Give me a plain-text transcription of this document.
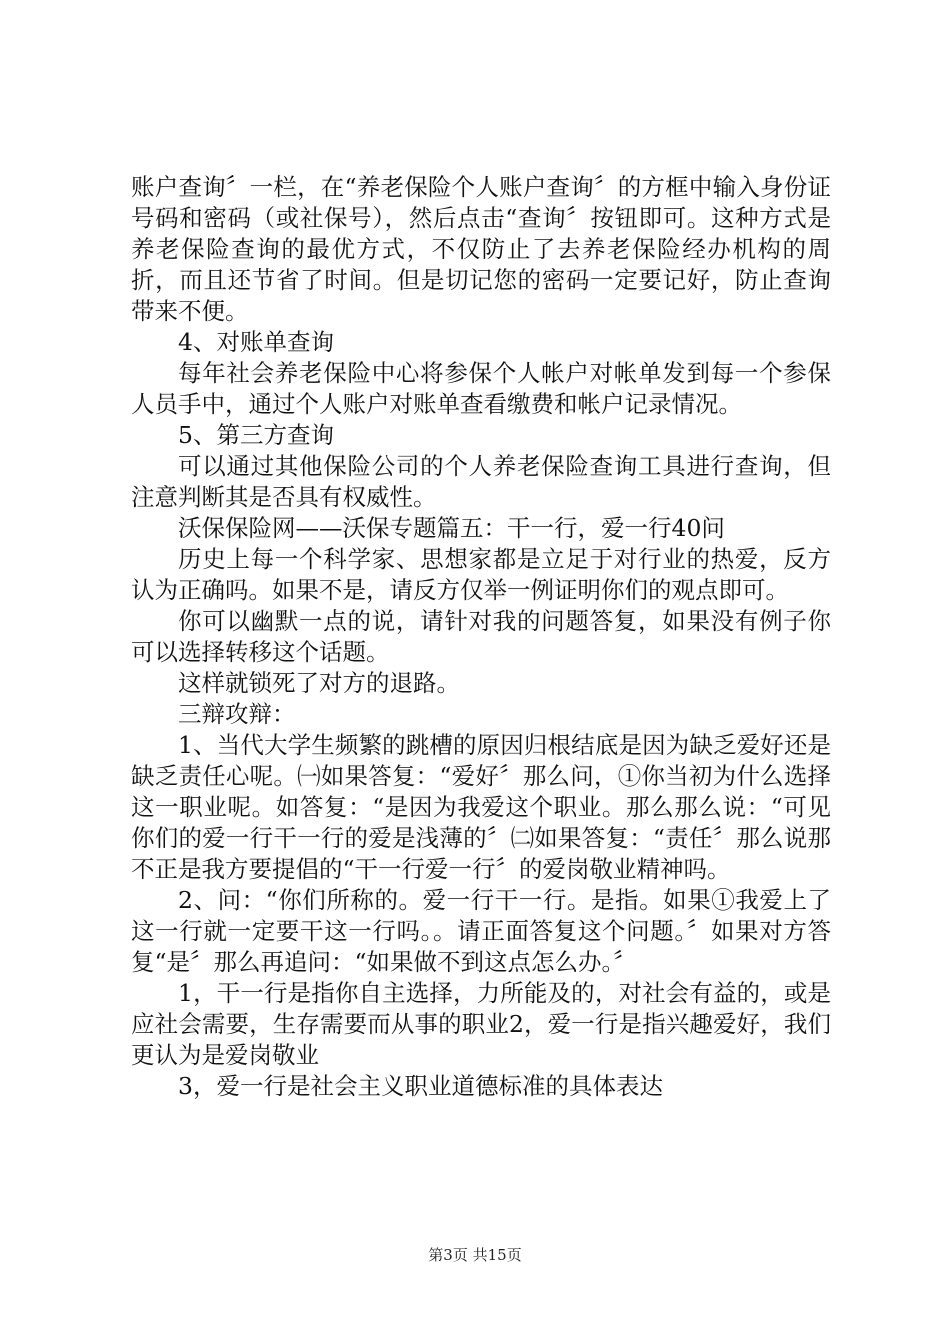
账户查询〞一栏，在“养老保险个人账户查询〞的方框中输入身份证号码和密码（或社保号），然后点击“查询〞按钮即可。这种方式是养老保险查询的最优方式，不仅防止了去养老保险经办机构的周折，而且还节省了时间。但是切记您的密码一定要记好，防止查询带来不便。

4、对账单查询

每年社会养老保险中心将参保个人帐户对帐单发到每一个参保人员手中，通过个人账户对账单查看缴费和帐户记录情况。

5、第三方查询

可以通过其他保险公司的个人养老保险查询工具进行查询，但注意判断其是否具有权威性。

沃保保险网——沃保专题篇五：干一行，爱一行40问

历史上每一个科学家、思想家都是立足于对行业的热爱，反方认为正确吗。如果不是，请反方仅举一例证明你们的观点即可。

你可以幽默一点的说，请针对我的问题答复，如果没有例子你可以选择转移这个话题。

这样就锁死了对方的退路。

三辩攻辩：

1、当代大学生频繁的跳槽的原因归根结底是因为缺乏爱好还是缺乏责任心呢。㈠如果答复：“爱好〞那么问，①你当初为什么选择这一职业呢。如答复：“是因为我爱这个职业。那么那么说：“可见你们的爱一行干一行的爱是浅薄的〞㈡如果答复：“责任〞那么说那不正是我方要提倡的“干一行爱一行〞的爱岗敬业精神吗。

2、问：“你们所称的。爱一行干一行。是指。如果①我爱上了这一行就一定要干这一行吗。。请正面答复这个问题。〞如果对方答复“是〞那么再追问：“如果做不到这点怎么办。〞

1，干一行是指你自主选择，力所能及的，对社会有益的，或是应社会需要，生存需要而从事的职业2，爱一行是指兴趣爱好，我们更认为是爱岗敬业

3，爱一行是社会主义职业道德标准的具体表达

第3页 共15页
